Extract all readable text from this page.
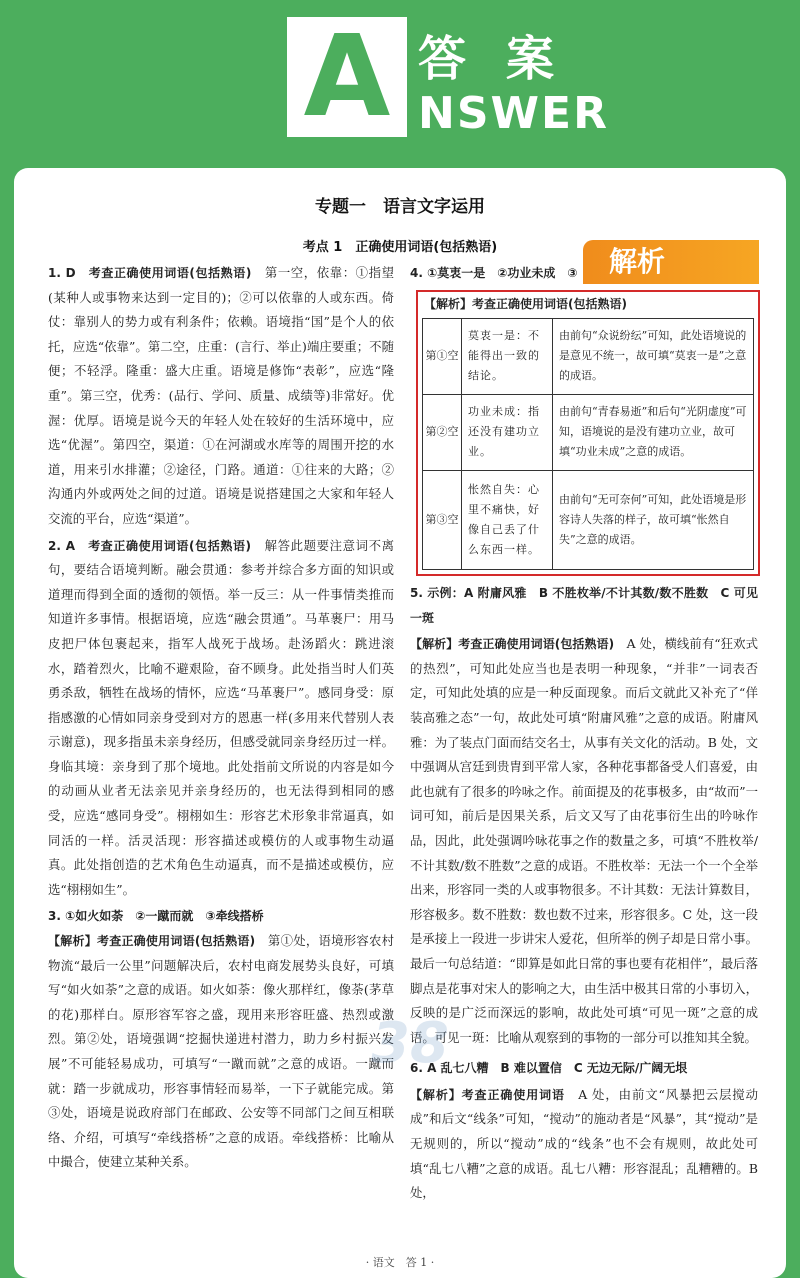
A 答案
NSWER
专题一　语言文字运用
考点 1　正确使用词语(包括熟语)

1. D　考查正确使用词语(包括熟语)　第一空，依靠：①指望(某种人或事物来达到一定目的)；②可以依靠的人或东西。倚仗：靠别人的势力或有利条件；依赖。语境指“国”是个人的依托，应选“依靠”。第二空，庄重：(言行、举止)端庄要重；不随便；不轻浮。隆重：盛大庄重。语境是修饰“表彰”，应选“隆重”。第三空，优秀：(品行、学问、质量、成绩等)非常好。优渥：优厚。语境是说今天的年轻人处在较好的生活环境中，应选“优渥”。第四空，渠道：①在河湖或水库等的周围开挖的水道，用来引水排灌；②途径，门路。通道：①往来的大路；②沟通内外或两处之间的过道。语境是说搭建国之大家和年轻人交流的平台，应选“渠道”。

2. A　考查正确使用词语(包括熟语)　解答此题要注意词不离句，要结合语境判断。融会贯通：参考并综合多方面的知识或道理而得到全面的透彻的领悟。举一反三：从一件事情类推而知道许多事情。根据语境，应选“融会贯通”。马革裹尸：用马皮把尸体包裹起来，指军人战死于战场。赴汤蹈火：跳进滚水，踏着烈火，比喻不避艰险，奋不顾身。此处指当时人们英勇杀敌，牺牲在战场的情怀，应选“马革裹尸”。感同身受：原指感激的心情如同亲身受到对方的恩惠一样(多用来代替别人表示谢意)，现多指虽未亲身经历，但感受就同亲身经历过一样。身临其境：亲身到了那个境地。此处指前文所说的内容是如今的动画从业者无法亲见并亲身经历的，也无法得到相同的感受，应选“感同身受”。栩栩如生：形容艺术形象非常逼真，如同活的一样。活灵活现：形容描述或模仿的人或事物生动逼真。此处指创造的艺术角色生动逼真，而不是描述或模仿，应选“栩栩如生”。

3. ①如火如荼　②一蹴而就　③牵线搭桥

【解析】考查正确使用词语(包括熟语)　第①处，语境形容农村物流“最后一公里”问题解决后，农村电商发展势头良好，可填写“如火如荼”之意的成语。如火如荼：像火那样红，像荼(茅草的花)那样白。原形容军容之盛，现用来形容旺盛、热烈或激烈。第②处，语境强调“挖掘快递进村潜力，助力乡村振兴发展”不可能轻易成功，可填写“一蹴而就”之意的成语。一蹴而就：踏一步就成功，形容事情轻而易举，一下子就能完成。第③处，语境是说政府部门在邮政、公安等不同部门之间互相联络、介绍，可填写“牵线搭桥”之意的成语。牵线搭桥：比喻从中撮合，使建立某种关系。

4. ①莫衷一是　②功业未成　③	解析
【解析】考查正确使用词语(包括熟语)
第①空	莫衷一是：不能得出一致的结论。	由前句“众说纷纭”可知，此处语境说的是意见不统一，故可填“莫衷一是”之意的成语。
第②空	功业未成：指还没有建功立业。	由前句“青春易逝”和后句“光阴虚度”可知，语境说的是没有建功立业，故可填“功业未成”之意的成语。
第③空	怅然自失：心里不痛快，好像自己丢了什么东西一样。	由前句“无可奈何”可知，此处语境是形容诗人失落的样子，故可填“怅然自失”之意的成语。

5. 示例：A 附庸风雅　B 不胜枚举/不计其数/数不胜数　C 可见一斑

【解析】考查正确使用词语(包括熟语)　A 处，横线前有“狂欢式的热烈”，可知此处应当也是表明一种现象，“并非”一词表否定，可知此处填的应是一种反面现象。而后文就此又补充了“佯装高雅之态”一句，故此处可填“附庸风雅”之意的成语。附庸风雅：为了装点门面而结交名士，从事有关文化的活动。B 处，文中强调从宫廷到贵胄到平常人家，各种花事都备受人们喜爱，由此也就有了很多的吟咏之作。前面提及的花事极多，由“故而”一词可知，前后是因果关系，后文又写了由花事衍生出的吟咏作品，因此，此处强调吟咏花事之作的数量之多，可填“不胜枚举/不计其数/数不胜数”之意的成语。不胜枚举：无法一个一个全举出来，形容同一类的人或事物很多。不计其数：无法计算数目，形容极多。数不胜数：数也数不过来，形容很多。C 处，这一段是承接上一段进一步讲宋人爱花，但所举的例子却是日常小事。最后一句总结道：“即算是如此日常的事也要有花相伴”，最后落脚点是花事对宋人的影响之大，由生活中极其日常的小事切入，反映的是广泛而深远的影响，故此处可填“可见一斑”之意的成语。可见一斑：比喻从观察到的事物的一部分可以推知其全貌。

6. A 乱七八糟　B 难以置信　C 无边无际/广阔无垠

【解析】考查正确使用词语　A 处，由前文“风暴把云层搅动成”和后文“线条”可知，“搅动”的施动者是“风暴”，其“搅动”是无规则的，所以“搅动”成的“线条”也不会有规则，故此处可填“乱七八糟”之意的成语。乱七八糟：形容混乱；乱糟糟的。B 处，

38
· 语文　答 1 ·
